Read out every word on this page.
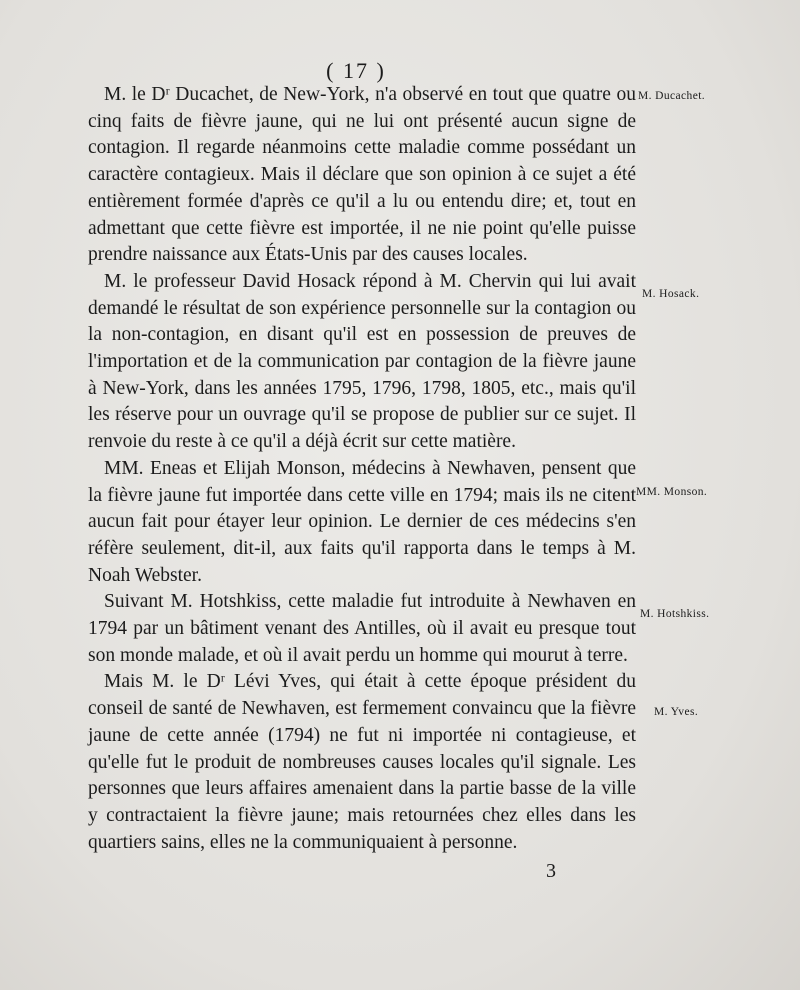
( 17 )

M. le Dʳ Ducachet, de New-York, n'a observé en tout que quatre ou cinq faits de fièvre jaune, qui ne lui ont présenté aucun signe de contagion. Il regarde néanmoins cette maladie comme possédant un caractère contagieux. Mais il déclare que son opinion à ce sujet a été entièrement formée d'après ce qu'il a lu ou entendu dire; et, tout en admettant que cette fièvre est importée, il ne nie point qu'elle puisse prendre naissance aux États-Unis par des causes locales.

M. le professeur David Hosack répond à M. Chervin qui lui avait demandé le résultat de son expérience personnelle sur la contagion ou la non-contagion, en disant qu'il est en possession de preuves de l'importation et de la communication par contagion de la fièvre jaune à New-York, dans les années 1795, 1796, 1798, 1805, etc., mais qu'il les réserve pour un ouvrage qu'il se propose de publier sur ce sujet. Il renvoie du reste à ce qu'il a déjà écrit sur cette matière.

MM. Eneas et Elijah Monson, médecins à Newhaven, pensent que la fièvre jaune fut importée dans cette ville en 1794; mais ils ne citent aucun fait pour étayer leur opinion. Le dernier de ces médecins s'en réfère seulement, dit-il, aux faits qu'il rapporta dans le temps à M. Noah Webster.

Suivant M. Hotshkiss, cette maladie fut introduite à Newhaven en 1794 par un bâtiment venant des Antilles, où il avait eu presque tout son monde malade, et où il avait perdu un homme qui mourut à terre.

Mais M. le Dʳ Lévi Yves, qui était à cette époque président du conseil de santé de Newhaven, est fermement convaincu que la fièvre jaune de cette année (1794) ne fut ni importée ni contagieuse, et qu'elle fut le produit de nombreuses causes locales qu'il signale. Les personnes que leurs affaires amenaient dans la partie basse de la ville y contractaient la fièvre jaune; mais retournées chez elles dans les quartiers sains, elles ne la communiquaient à personne.

M. Ducachet.
M. Hosack.
MM. Monson.
M. Hotshkiss.
M. Yves.
3
